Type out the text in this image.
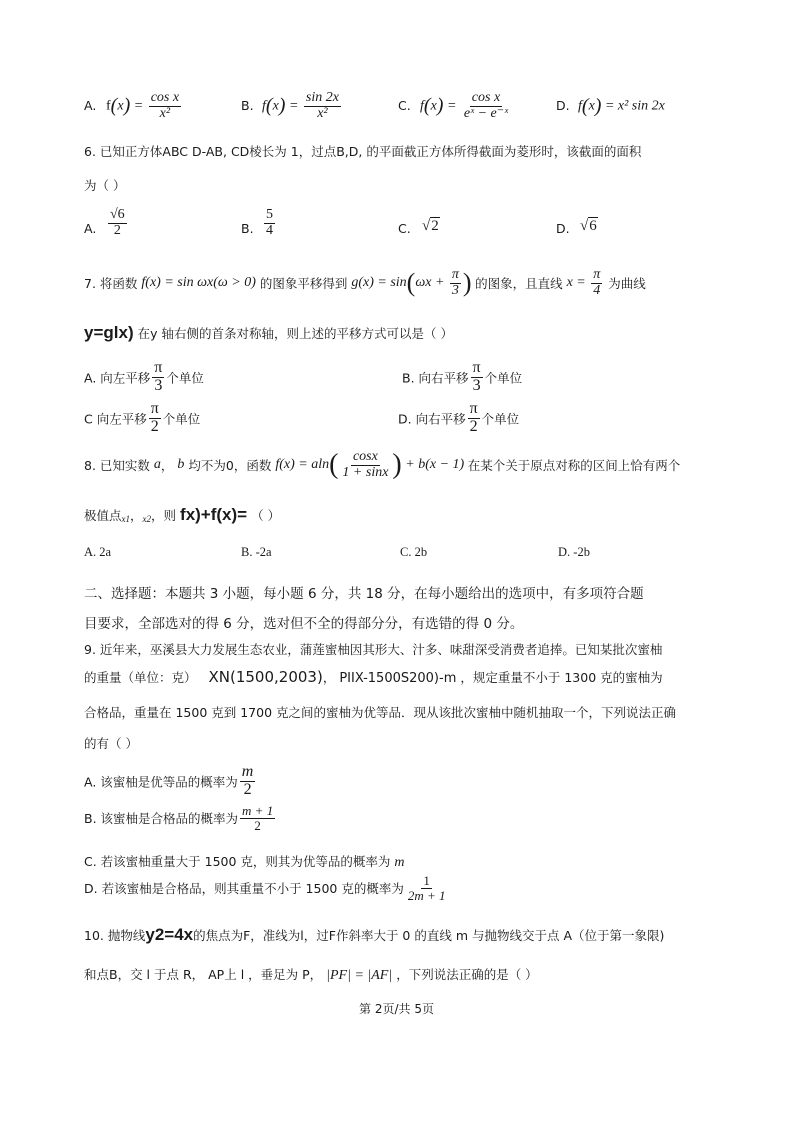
A. $f(x) = \frac{\text{cos x}}{\text{x²}}$	B. $f(x) = \frac{\sin 2x}{\text{x²}}$	C. $f(x) = \frac{\text{cos x}}{\text{eˣ − e⁻ˣ}}$	D. f(x) = x² sin 2x
6. 已知正方体ABC D-AB, CD棱长为 1，过点B,D, 的平面截正方体所得截面为菱形时，该截面的面积
为（ ）
A. $\frac{√6}{2}$	B. $\frac{5}{4}$	C. √2	D. √6
7. 将函数 f(x) = sin ωx(ω > 0) 的图象平移得到 $g(x) = \sin(\omega x + \frac{\pi}{3}$ ) 的图象，且直线 $x = \frac{\pi}{4}$ 为曲线
y=glx) 在y 轴右侧的首条对称轴，则上述的平移方式可以是（ ）
A. 向左平移 $\frac{\pi}{3}$ 个单位	B. 向右平移 $\frac{\pi}{3}$ 个单位
C 向左平移 $\frac{\pi}{2}$ 个单位	D. 向右平移 $\frac{\pi}{2}$ 个单位
8. 已知实数 a， b 均不为0，函数 $f(x) = aln( \frac{\cos x}{1 + \sin x}$ ) + b(x − 1) 在某个关于原点对称的区间上恰有两个
极值点$_{x1}$，$_{x2}$，则 fx)+f(x)= （ ）
A. 2a	B. -2a	C. 2b	D. -2b
二、选择题：本题共 3 小题，每小题 6 分，共 18 分，在每小题给出的选项中，有多项符合题
目要求，全部选对的得 6 分，选对但不全的得部分分，有选错的得 0 分。
9. 近年来，巫溪县大力发展生态农业，蒲莲蜜柚因其形大、汁多、味甜深受消费者追捧。已知某批次蜜柚
的重量（单位：克） XN(1500,2003)， PIIX-1500S200)-m ，规定重量不小于 1300 克的蜜柚为
合格品，重量在 1500 克到 1700 克之间的蜜柚为优等品．现从该批次蜜柚中随机抽取一个，下列说法正确
的有（ ）
A. 该蜜柚是优等品的概率为 $\frac{m}{2}$
B. 该蜜柚是合格品的概率为 $\frac{m + 1}{2}$
C. 若该蜜柚重量大于 1500 克，则其为优等品的概率为 m
D. 若该蜜柚是合格品，则其重量不小于 1500 克的概率为 $\frac{1}{2m + 1}$
10. 抛物线y2=4x的焦点为F，准线为l，过F作斜率大于 0 的直线 m 与抛物线交于点 A（位于第一象限)
和点B，交 l 于点 R， AP上 l ，垂足为 P， |PF| = |AF| ，下列说法正确的是（ ）
第 2页/共 5页
